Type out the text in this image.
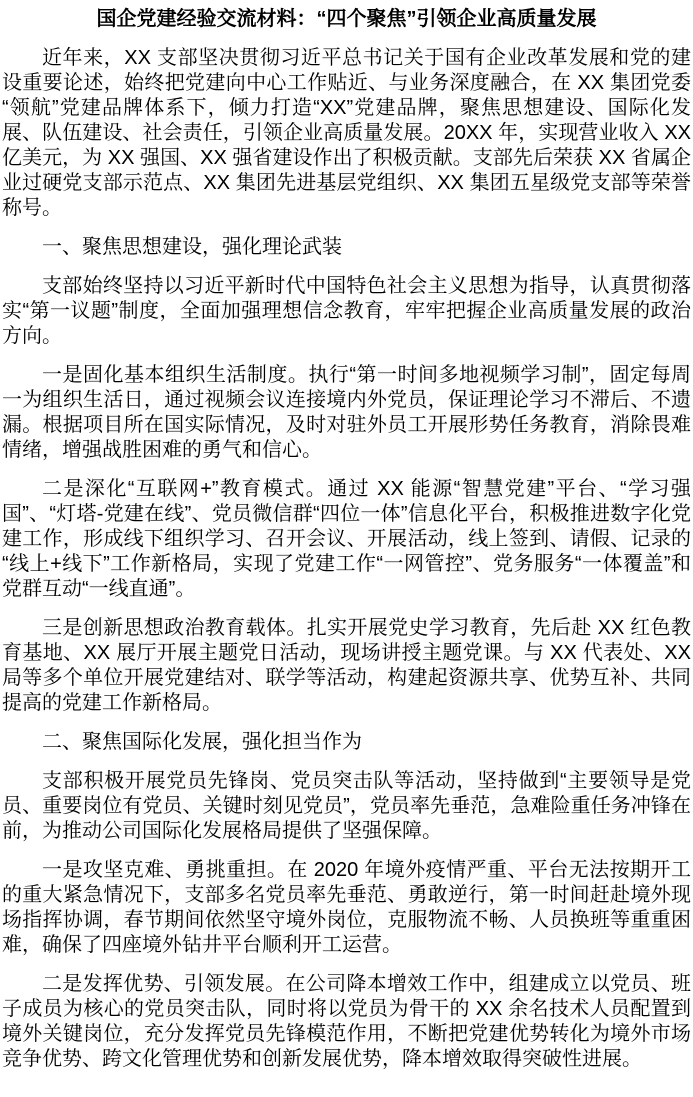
国企党建经验交流材料：“四个聚焦”引领企业高质量发展

近年来，XX 支部坚决贯彻习近平总书记关于国有企业改革发展和党的建设重要论述，始终把党建向中心工作贴近、与业务深度融合，在 XX 集团党委“领航”党建品牌体系下，倾力打造“XX”党建品牌，聚焦思想建设、国际化发展、队伍建设、社会责任，引领企业高质量发展。20XX 年，实现营业收入 XX 亿美元，为 XX 强国、XX 强省建设作出了积极贡献。支部先后荣获 XX 省属企业过硬党支部示范点、XX 集团先进基层党组织、XX 集团五星级党支部等荣誉称号。

一、聚焦思想建设，强化理论武装

支部始终坚持以习近平新时代中国特色社会主义思想为指导，认真贯彻落实“第一议题”制度，全面加强理想信念教育，牢牢把握企业高质量发展的政治方向。

一是固化基本组织生活制度。执行“第一时间多地视频学习制”，固定每周一为组织生活日，通过视频会议连接境内外党员，保证理论学习不滞后、不遗漏。根据项目所在国实际情况，及时对驻外员工开展形势任务教育，消除畏难情绪，增强战胜困难的勇气和信心。

二是深化“互联网+”教育模式。通过 XX 能源“智慧党建”平台、“学习强国”、“灯塔-党建在线”、党员微信群“四位一体”信息化平台，积极推进数字化党建工作，形成线下组织学习、召开会议、开展活动，线上签到、请假、记录的“线上+线下”工作新格局，实现了党建工作“一网管控”、党务服务“一体覆盖”和党群互动“一线直通”。

三是创新思想政治教育载体。扎实开展党史学习教育，先后赴 XX 红色教育基地、XX 展厅开展主题党日活动，现场讲授主题党课。与 XX 代表处、XX 局等多个单位开展党建结对、联学等活动，构建起资源共享、优势互补、共同提高的党建工作新格局。

二、聚焦国际化发展，强化担当作为

支部积极开展党员先锋岗、党员突击队等活动，坚持做到“主要领导是党员、重要岗位有党员、关键时刻见党员”，党员率先垂范，急难险重任务冲锋在前，为推动公司国际化发展格局提供了坚强保障。

一是攻坚克难、勇挑重担。在 2020 年境外疫情严重、平台无法按期开工的重大紧急情况下，支部多名党员率先垂范、勇敢逆行，第一时间赶赴境外现场指挥协调，春节期间依然坚守境外岗位，克服物流不畅、人员换班等重重困难，确保了四座境外钻井平台顺利开工运营。

二是发挥优势、引领发展。在公司降本增效工作中，组建成立以党员、班子成员为核心的党员突击队，同时将以党员为骨干的 XX 余名技术人员配置到境外关键岗位，充分发挥党员先锋模范作用，不断把党建优势转化为境外市场竞争优势、跨文化管理优势和创新发展优势，降本增效取得突破性进展。
